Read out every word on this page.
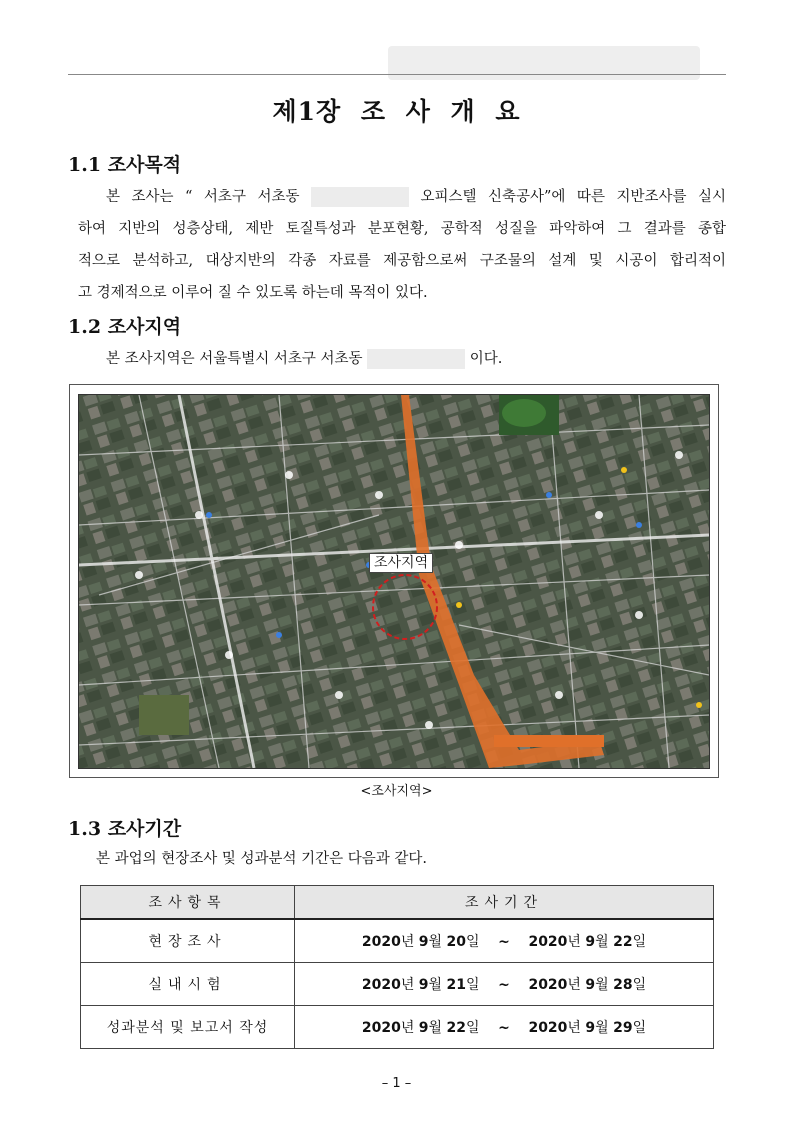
제1장 조 사 개 요
1.1 조사목적
본 조사는 “ 서초구 서초동	오피스텔 신축공사”에 따른 지반조사를 실시
하여 지반의 성층상태, 제반 토질특성과 분포현황, 공학적 성질을 파악하여 그 결과를 종합
적으로 분석하고, 대상지반의 각종 자료를 제공함으로써 구조물의 설계 및 시공이 합리적이
고 경제적으로 이루어 질 수 있도록 하는데 목적이 있다.
1.2 조사지역
본 조사지역은 서울특별시 서초구 서초동	이다.
조사지역
<조사지역>
1.3 조사기간
본 과업의 현장조사 및 성과분석 기간은 다음과 같다.
조사항목	조사기간
현장조사	2020년 9월 20일 ~ 2020년 9월 22일
실내시험	2020년 9월 21일 ~ 2020년 9월 28일
성과분석 및 보고서 작성	2020년 9월 22일 ~ 2020년 9월 29일
– 1 –
